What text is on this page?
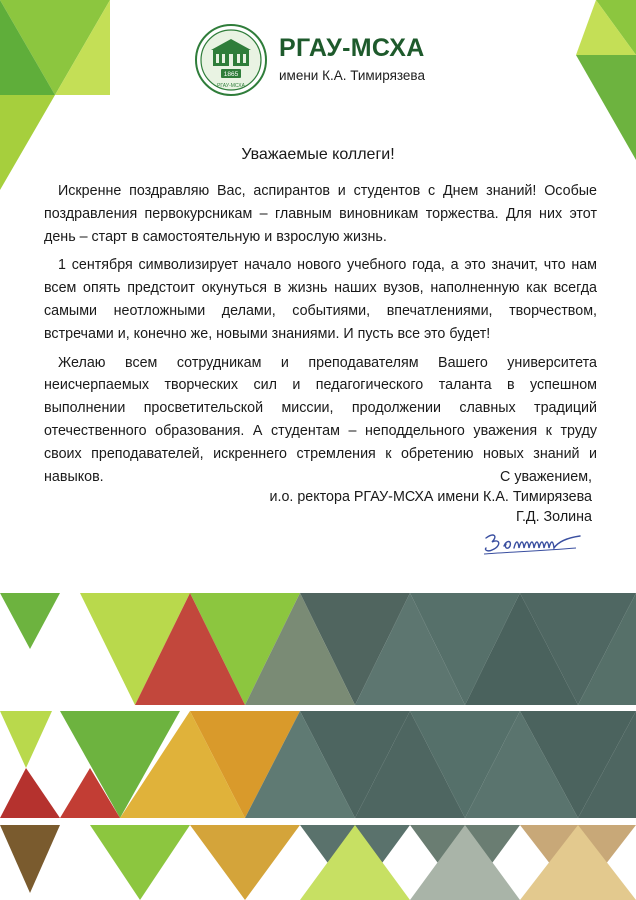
1865
РГАУ-МСХА
РГАУ-МСХА
имени К.А. Тимирязева
Уважаемые коллеги!

Искренне поздравляю Вас, аспирантов и студентов с Днем знаний! Особые поздравления первокурсникам – главным виновникам торжества. Для них этот день – старт в самостоятельную и взрослую жизнь.

1 сентября символизирует начало нового учебного года, а это значит, что нам всем опять предстоит окунуться в жизнь наших вузов, наполненную как всегда самыми неотложными делами, событиями, впечатлениями, творчеством, встречами и, конечно же, новыми знаниями. И пусть все это будет!

Желаю всем сотрудникам и преподавателям Вашего университета неисчерпаемых творческих сил и педагогического таланта в успешном выполнении просветительской миссии, продолжении славных традиций отечественного образования. А студентам – неподдельного уважения к труду своих преподавателей, искреннего стремления к обретению новых знаний и навыков.	С уважением,
и.о. ректора РГАУ-МСХА имени К.А. Тимирязева
Г.Д. Золина
